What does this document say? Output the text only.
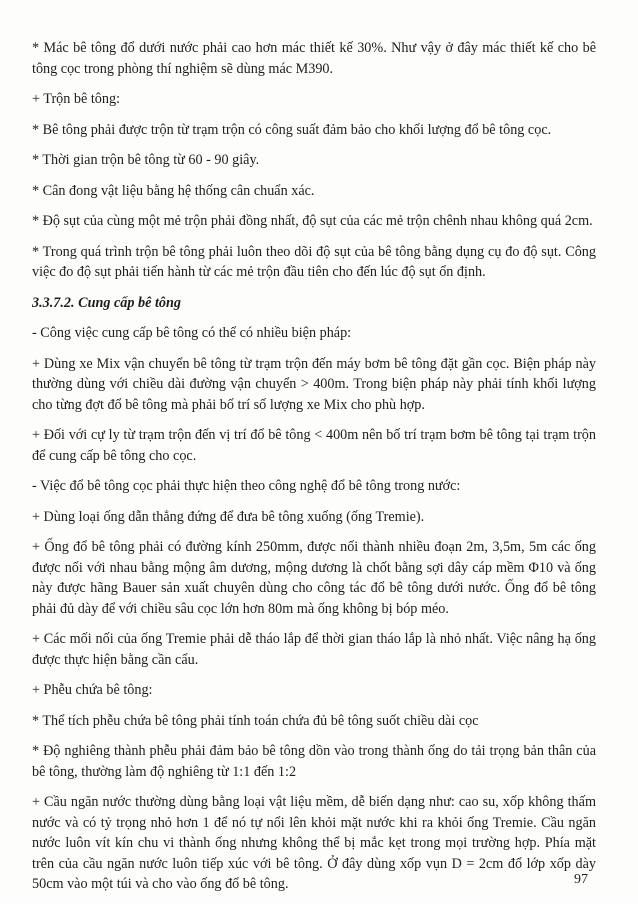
* Mác bê tông đổ dưới nước phải cao hơn mác thiết kế 30%. Như vậy ở đây mác thiết kế cho bê tông cọc trong phòng thí nghiệm sẽ dùng mác M390.

+ Trộn bê tông:

* Bê tông phải được trộn từ trạm trộn có công suất đảm bảo cho khối lượng đổ bê tông cọc.

* Thời gian trộn bê tông từ 60 - 90 giây.

* Cân đong vật liệu bằng hệ thống cân chuẩn xác.

* Độ sụt của cùng một mẻ trộn phải đồng nhất, độ sụt của các mẻ trộn chênh nhau không quá 2cm.

* Trong quá trình trộn bê tông phải luôn theo dõi độ sụt của bê tông bằng dụng cụ đo độ sụt. Công việc đo độ sụt phải tiến hành từ các mẻ trộn đầu tiên cho đến lúc độ sụt ổn định.

3.3.7.2. Cung cấp bê tông

- Công việc cung cấp bê tông có thể có nhiều biện pháp:

+ Dùng xe Mix vận chuyển bê tông từ trạm trộn đến máy bơm bê tông đặt gần cọc. Biện pháp này thường dùng với chiều dài đường vận chuyển > 400m. Trong biện pháp này phải tính khối lượng cho từng đợt đổ bê tông mà phải bố trí số lượng xe Mix cho phù hợp.

+ Đối với cự ly từ trạm trộn đến vị trí đổ bê tông < 400m nên bố trí trạm bơm bê tông tại trạm trộn để cung cấp bê tông cho cọc.

- Việc đổ bê tông cọc phải thực hiện theo công nghệ đổ bê tông trong nước:

+ Dùng loại ống dẫn thẳng đứng để đưa bê tông xuống (ống Tremie).

+ Ống đổ bê tông phải có đường kính 250mm, được nối thành nhiều đoạn 2m, 3,5m, 5m các ống được nối với nhau bằng mộng âm dương, mộng dương là chốt bằng sợi dây cáp mềm Φ10 và ống này được hãng Bauer sản xuất chuyên dùng cho công tác đổ bê tông dưới nước. Ống đổ bê tông phải đủ dày để với chiều sâu cọc lớn hơn 80m mà ống không bị bóp méo.

+ Các mối nối của ống Tremie phải dễ tháo lắp để thời gian tháo lắp là nhỏ nhất. Việc nâng hạ ống được thực hiện bằng cần cẩu.

+ Phễu chứa bê tông:

* Thể tích phễu chứa bê tông phải tính toán chứa đủ bê tông suốt chiều dài cọc

* Độ nghiêng thành phễu phải đảm bảo bê tông dồn vào trong thành ống do tải trọng bản thân của bê tông, thường làm độ nghiêng từ 1:1 đến 1:2

+ Cầu ngăn nước thường dùng bằng loại vật liệu mềm, dễ biến dạng như: cao su, xốp không thấm nước và có tỷ trọng nhỏ hơn 1 để nó tự nổi lên khỏi mặt nước khi ra khỏi ống Tremie. Cầu ngăn nước luôn vít kín chu vi thành ống nhưng không thể bị mắc kẹt trong mọi trường hợp. Phía mặt trên của cầu ngăn nước luôn tiếp xúc với bê tông. Ở đây dùng xốp vụn D = 2cm đổ lớp xốp dày 50cm vào một túi và cho vào ống đổ bê tông.	97
